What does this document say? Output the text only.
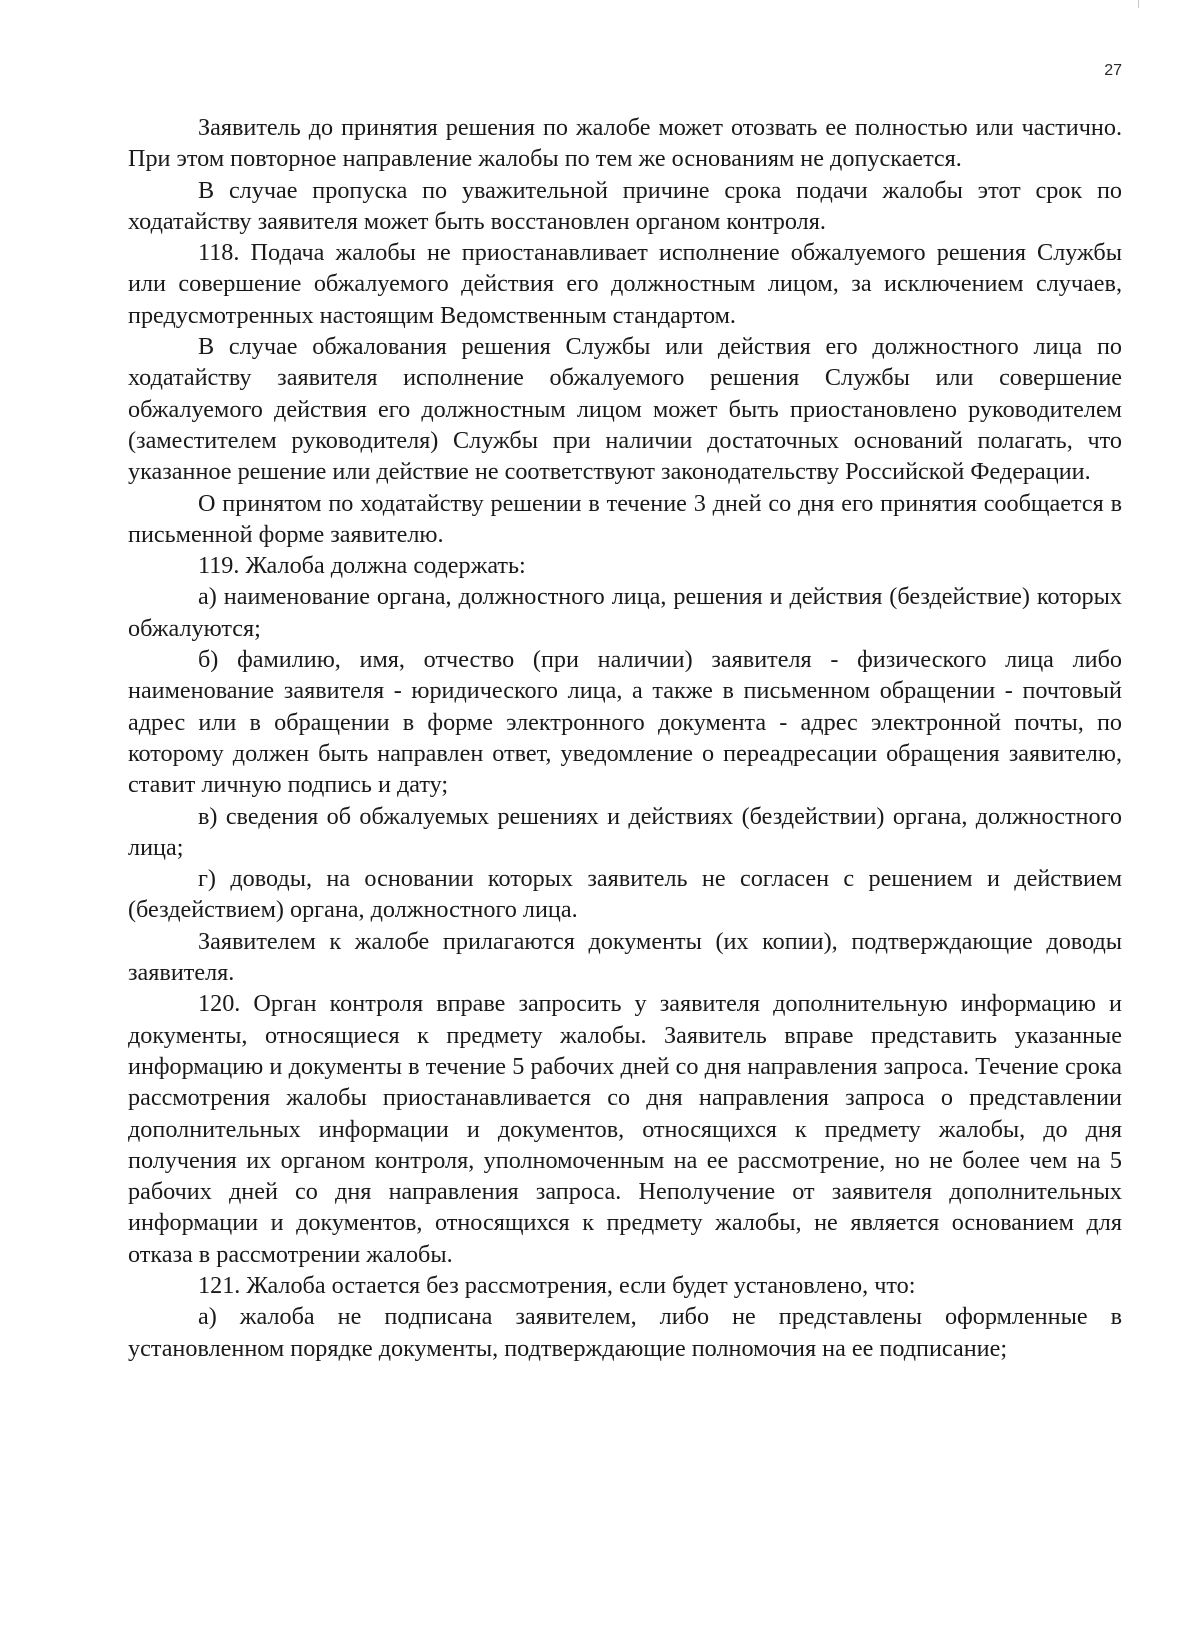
27

Заявитель до принятия решения по жалобе может отозвать ее полностью или частично. При этом повторное направление жалобы по тем же основаниям не допускается.

В случае пропуска по уважительной причине срока подачи жалобы этот срок по ходатайству заявителя может быть восстановлен органом контроля.

118. Подача жалобы не приостанавливает исполнение обжалуемого решения Службы или совершение обжалуемого действия его должностным лицом, за исключением случаев, предусмотренных настоящим Ведомственным стандартом.

В случае обжалования решения Службы или действия его должностного лица по ходатайству заявителя исполнение обжалуемого решения Службы или совершение обжалуемого действия его должностным лицом может быть приостановлено руководителем (заместителем руководителя) Службы при наличии достаточных оснований полагать, что указанное решение или действие не соответствуют законодательству Российской Федерации.

О принятом по ходатайству решении в течение 3 дней со дня его принятия сообщается в письменной форме заявителю.

119. Жалоба должна содержать:

а) наименование органа, должностного лица, решения и действия (бездействие) которых обжалуются;

б) фамилию, имя, отчество (при наличии) заявителя - физического лица либо наименование заявителя - юридического лица, а также в письменном обращении - почтовый адрес или в обращении в форме электронного документа - адрес электронной почты, по которому должен быть направлен ответ, уведомление о переадресации обращения заявителю, ставит личную подпись и дату;

в) сведения об обжалуемых решениях и действиях (бездействии) органа, должностного лица;

г) доводы, на основании которых заявитель не согласен с решением и действием (бездействием) органа, должностного лица.

Заявителем к жалобе прилагаются документы (их копии), подтверждающие доводы заявителя.

120. Орган контроля вправе запросить у заявителя дополнительную информацию и документы, относящиеся к предмету жалобы. Заявитель вправе представить указанные информацию и документы в течение 5 рабочих дней со дня направления запроса. Течение срока рассмотрения жалобы приостанавливается со дня направления запроса о представлении дополнительных информации и документов, относящихся к предмету жалобы, до дня получения их органом контроля, уполномоченным на ее рассмотрение, но не более чем на 5 рабочих дней со дня направления запроса. Неполучение от заявителя дополнительных информации и документов, относящихся к предмету жалобы, не является основанием для отказа в рассмотрении жалобы.

121. Жалоба остается без рассмотрения, если будет установлено, что:

а) жалоба не подписана заявителем, либо не представлены оформленные в установленном порядке документы, подтверждающие полномочия на ее подписание;
